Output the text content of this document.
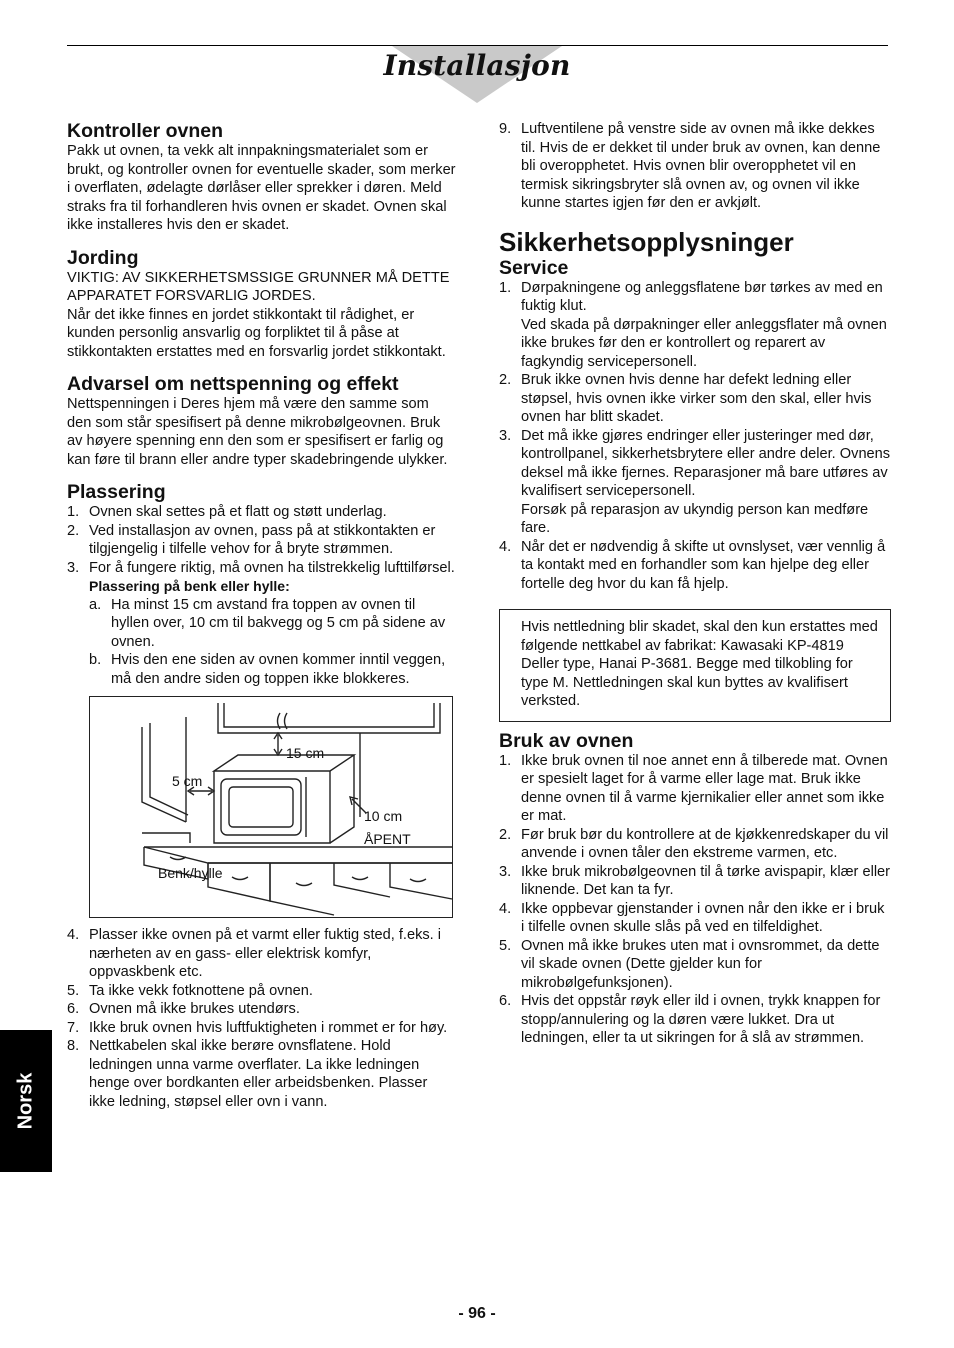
Installasjon
Kontroller ovnen

Pakk ut ovnen, ta vekk alt innpakningsmaterialet som er brukt, og kontroller ovnen for eventuelle skader, som merker i overflaten, ødelagte dørlåser eller sprekker i døren. Meld straks fra til forhandleren hvis ovnen er skadet. Ovnen skal ikke installeres hvis den er skadet.

Jording

VIKTIG: AV SIKKERHETSMSSIGE GRUNNER MÅ DETTE APPARATET FORSVARLIG JORDES.

Når det ikke finnes en jordet stikkontakt til rådighet, er kunden personlig ansvarlig og forpliktet til å påse at stikkontakten erstattes med en forsvarlig jordet stikkontakt.

Advarsel om nettspenning og effekt

Nettspenningen i Deres hjem må være den samme som den som står spesifisert på denne mikrobølgeovnen. Bruk av høyere spenning enn den som er spesifisert er farlig og kan føre til brann eller andre typer skadebringende ulykker.

Plassering
1. Ovnen skal settes på et flatt og støtt underlag.
2. Ved installasjon av ovnen, pass på at stikkontakten er tilgjengelig i tilfelle vehov for å bryte strømmen.
3. For å fungere riktig, må ovnen ha tilstrekkelig lufttilførsel.
Plassering på benk eller hylle:
a. Ha minst 15 cm avstand fra toppen av ovnen til hyllen over, 10 cm til bakvegg og 5 cm på sidene av ovnen.
b. Hvis den ene siden av ovnen kommer inntil veggen, må den andre siden og toppen ikke blokkeres.
15 cm
5 cm
10 cm
ÅPENT
Benk/hylle
4. Plasser ikke ovnen på et varmt eller fuktig sted, f.eks. i nærheten av en gass- eller elektrisk komfyr, oppvaskbenk etc.
5. Ta ikke vekk fotknottene på ovnen.
6. Ovnen må ikke brukes utendørs.
7. Ikke bruk ovnen hvis luftfuktigheten i rommet er for høy.
8. Nettkabelen skal ikke berøre ovnsflatene. Hold ledningen unna varme overflater. La ikke ledningen henge over bordkanten eller arbeidsbenken. Plasser ikke ledning, støpsel eller ovn i vann.
9. Luftventilene på venstre side av ovnen må ikke dekkes til. Hvis de er dekket til under bruk av ovnen, kan denne bli overopphetet. Hvis ovnen blir overopphetet vil en termisk sikringsbryter slå ovnen av, og ovnen vil ikke kunne startes igjen før den er avkjølt.
Sikkerhetsopplysninger
Service
1. Dørpakningene og anleggsflatene bør tørkes av med en fuktig klut.
Ved skada på dørpakninger eller anleggsflater må ovnen ikke brukes før den er kontrollert og reparert av fagkyndig servicepersonell.
2. Bruk ikke ovnen hvis denne har defekt ledning eller støpsel, hvis ovnen ikke virker som den skal, eller hvis ovnen har blitt skadet.
3. Det må ikke gjøres endringer eller justeringer med dør, kontrollpanel, sikkerhetsbrytere eller andre deler. Ovnens deksel må ikke fjernes. Reparasjoner må bare utføres av kvalifisert servicepersonell.
Forsøk på reparasjon av ukyndig person kan medføre fare.
4. Når det er nødvendig å skifte ut ovnslyset, vær vennlig å ta kontakt med en forhandler som kan hjelpe deg eller fortelle deg hvor du kan få hjelp.

Hvis nettledning blir skadet, skal den kun erstattes med følgende nettkabel av fabrikat: Kawasaki KP-4819 Deller type, Hanai P-3681. Begge med tilkobling for type M. Nettledningen skal kun byttes av kvalifisert verksted.

Bruk av ovnen
1. Ikke bruk ovnen til noe annet enn å tilberede mat. Ovnen er spesielt laget for å varme eller lage mat. Bruk ikke denne ovnen til å varme kjernikalier eller annet som ikke er mat.
2. Før bruk bør du kontrollere at de kjøkkenredskaper du vil anvende i ovnen tåler den ekstreme varmen, etc.
3. Ikke bruk mikrobølgeovnen til å tørke avispapir, klær eller liknende. Det kan ta fyr.
4. Ikke oppbevar gjenstander i ovnen når den ikke er i bruk i tilfelle ovnen skulle slås på ved en tilfeldighet.
5. Ovnen må ikke brukes uten mat i ovnsrommet, da dette vil skade ovnen (Dette gjelder kun for mikrobølgefunksjonen).
6. Hvis det oppstår røyk eller ild i ovnen, trykk knappen for stopp/annulering og la døren være lukket. Dra ut ledningen, eller ta ut sikringen for å slå av strømmen.
Norsk
- 96 -
